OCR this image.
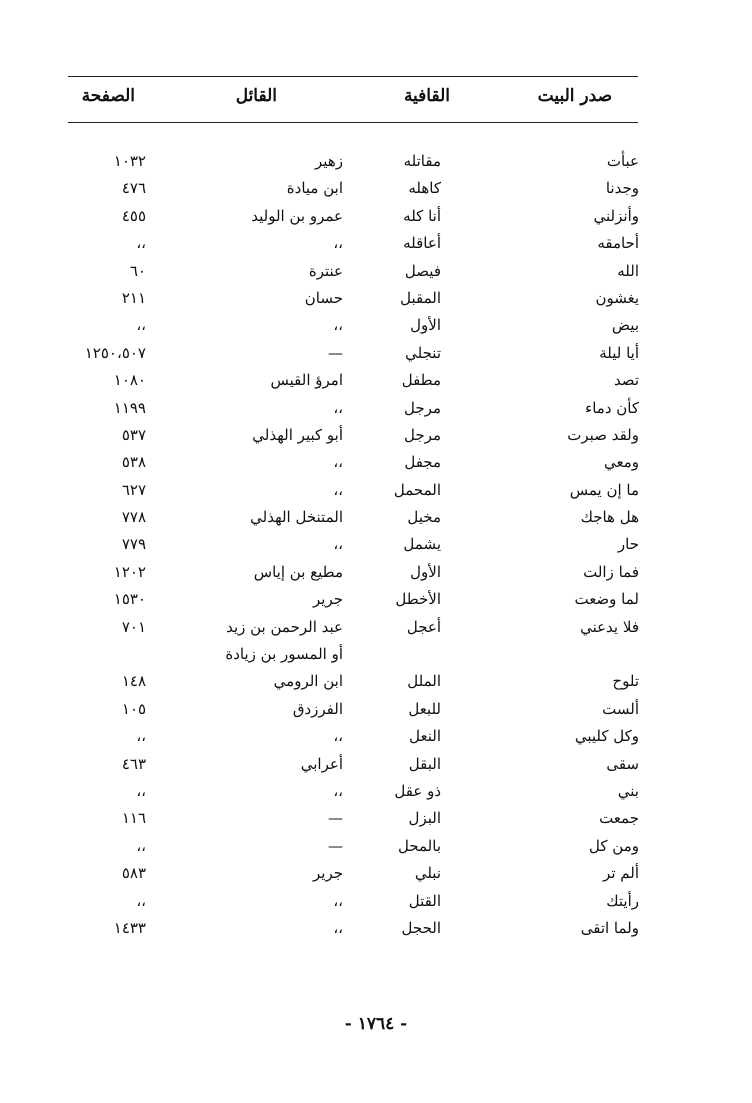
صدر البيت
القافية
القائل
الصفحة
عبأت
مقاتله
زهير
١٠٣٢
وجدنا
كاهله
ابن ميادة
٤٧٦
وأنزلني
أنا كله
عمرو بن الوليد
٤٥٥
أحامقه
أعاقله
،،
،،
الله
فيصل
عنترة
٦٠
يغشون
المقبل
حسان
٢١١
بيض
الأول
،،
،،
أيا ليلة
تنجلي
—
١٢٥٠،٥٠٧
تصد
مطفل
امرؤ القيس
١٠٨٠
كأن دماء
مرجل
،،
١١٩٩
ولقد صبرت
مرجل
أبو كبير الهذلي
٥٣٧
ومعي
مجفل
،،
٥٣٨
ما إن يمس
المحمل
،،
٦٢٧
هل هاجك
مخيل
المتنخل الهذلي
٧٧٨
حار
يشمل
،،
٧٧٩
فما زالت
الأول
مطيع بن إياس
١٢٠٢
لما وضعت
الأخطل
جرير
١٥٣٠
فلا يدعني
أعجل
عبد الرحمن بن زيد
٧٠١
أو المسور بن زيادة
تلوح
الملل
ابن الرومي
١٤٨
ألست
للبعل
الفرزدق
١٠٥
وكل كليبي
النعل
،،
،،
سقى
البقل
أعرابي
٤٦٣
بني
ذو عقل
،،
،،
جمعت
البزل
—
١١٦
ومن كل
بالمحل
—
،،
ألم تر
نبلي
جرير
٥٨٣
رأيتك
القتل
،،
،،
ولما اتقى
الحجل
،،
١٤٣٣
- ١٧٦٤ -
